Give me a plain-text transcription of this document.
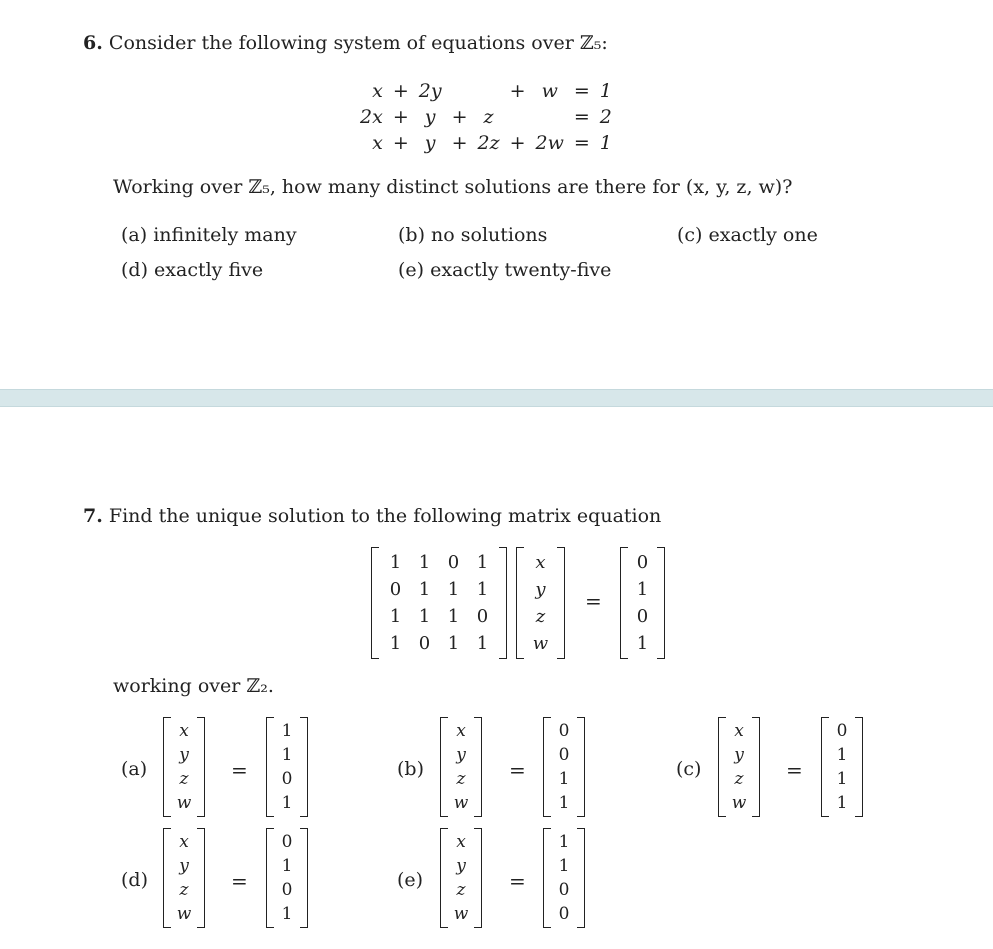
6. Consider the following system of equations over ℤ₅:
x	+	2y			+	w	=	1
2x	+	y	+	z			=	2
x	+	y	+	2z	+	2w	=	1
Working over ℤ₅, how many distinct solutions are there for (x, y, z, w)?
(a) infinitely many	(b) no solutions	(c) exactly one
(d) exactly five	(e) exactly twenty-five
7. Find the unique solution to the following matrix equation
1	1	0	1
0	1	1	1
1	1	1	0
1	0	1	1
x
y
z
w
=
0
1
0
1
working over ℤ₂.
(a)
x
y
z
w
=
1
1
0
1
(b)
x
y
z
w
=
0
0
1
1
(c)
x
y
z
w
=
0
1
1
1
(d)
x
y
z
w
=
0
1
0
1
(e)
x
y
z
w
=
1
1
0
0
